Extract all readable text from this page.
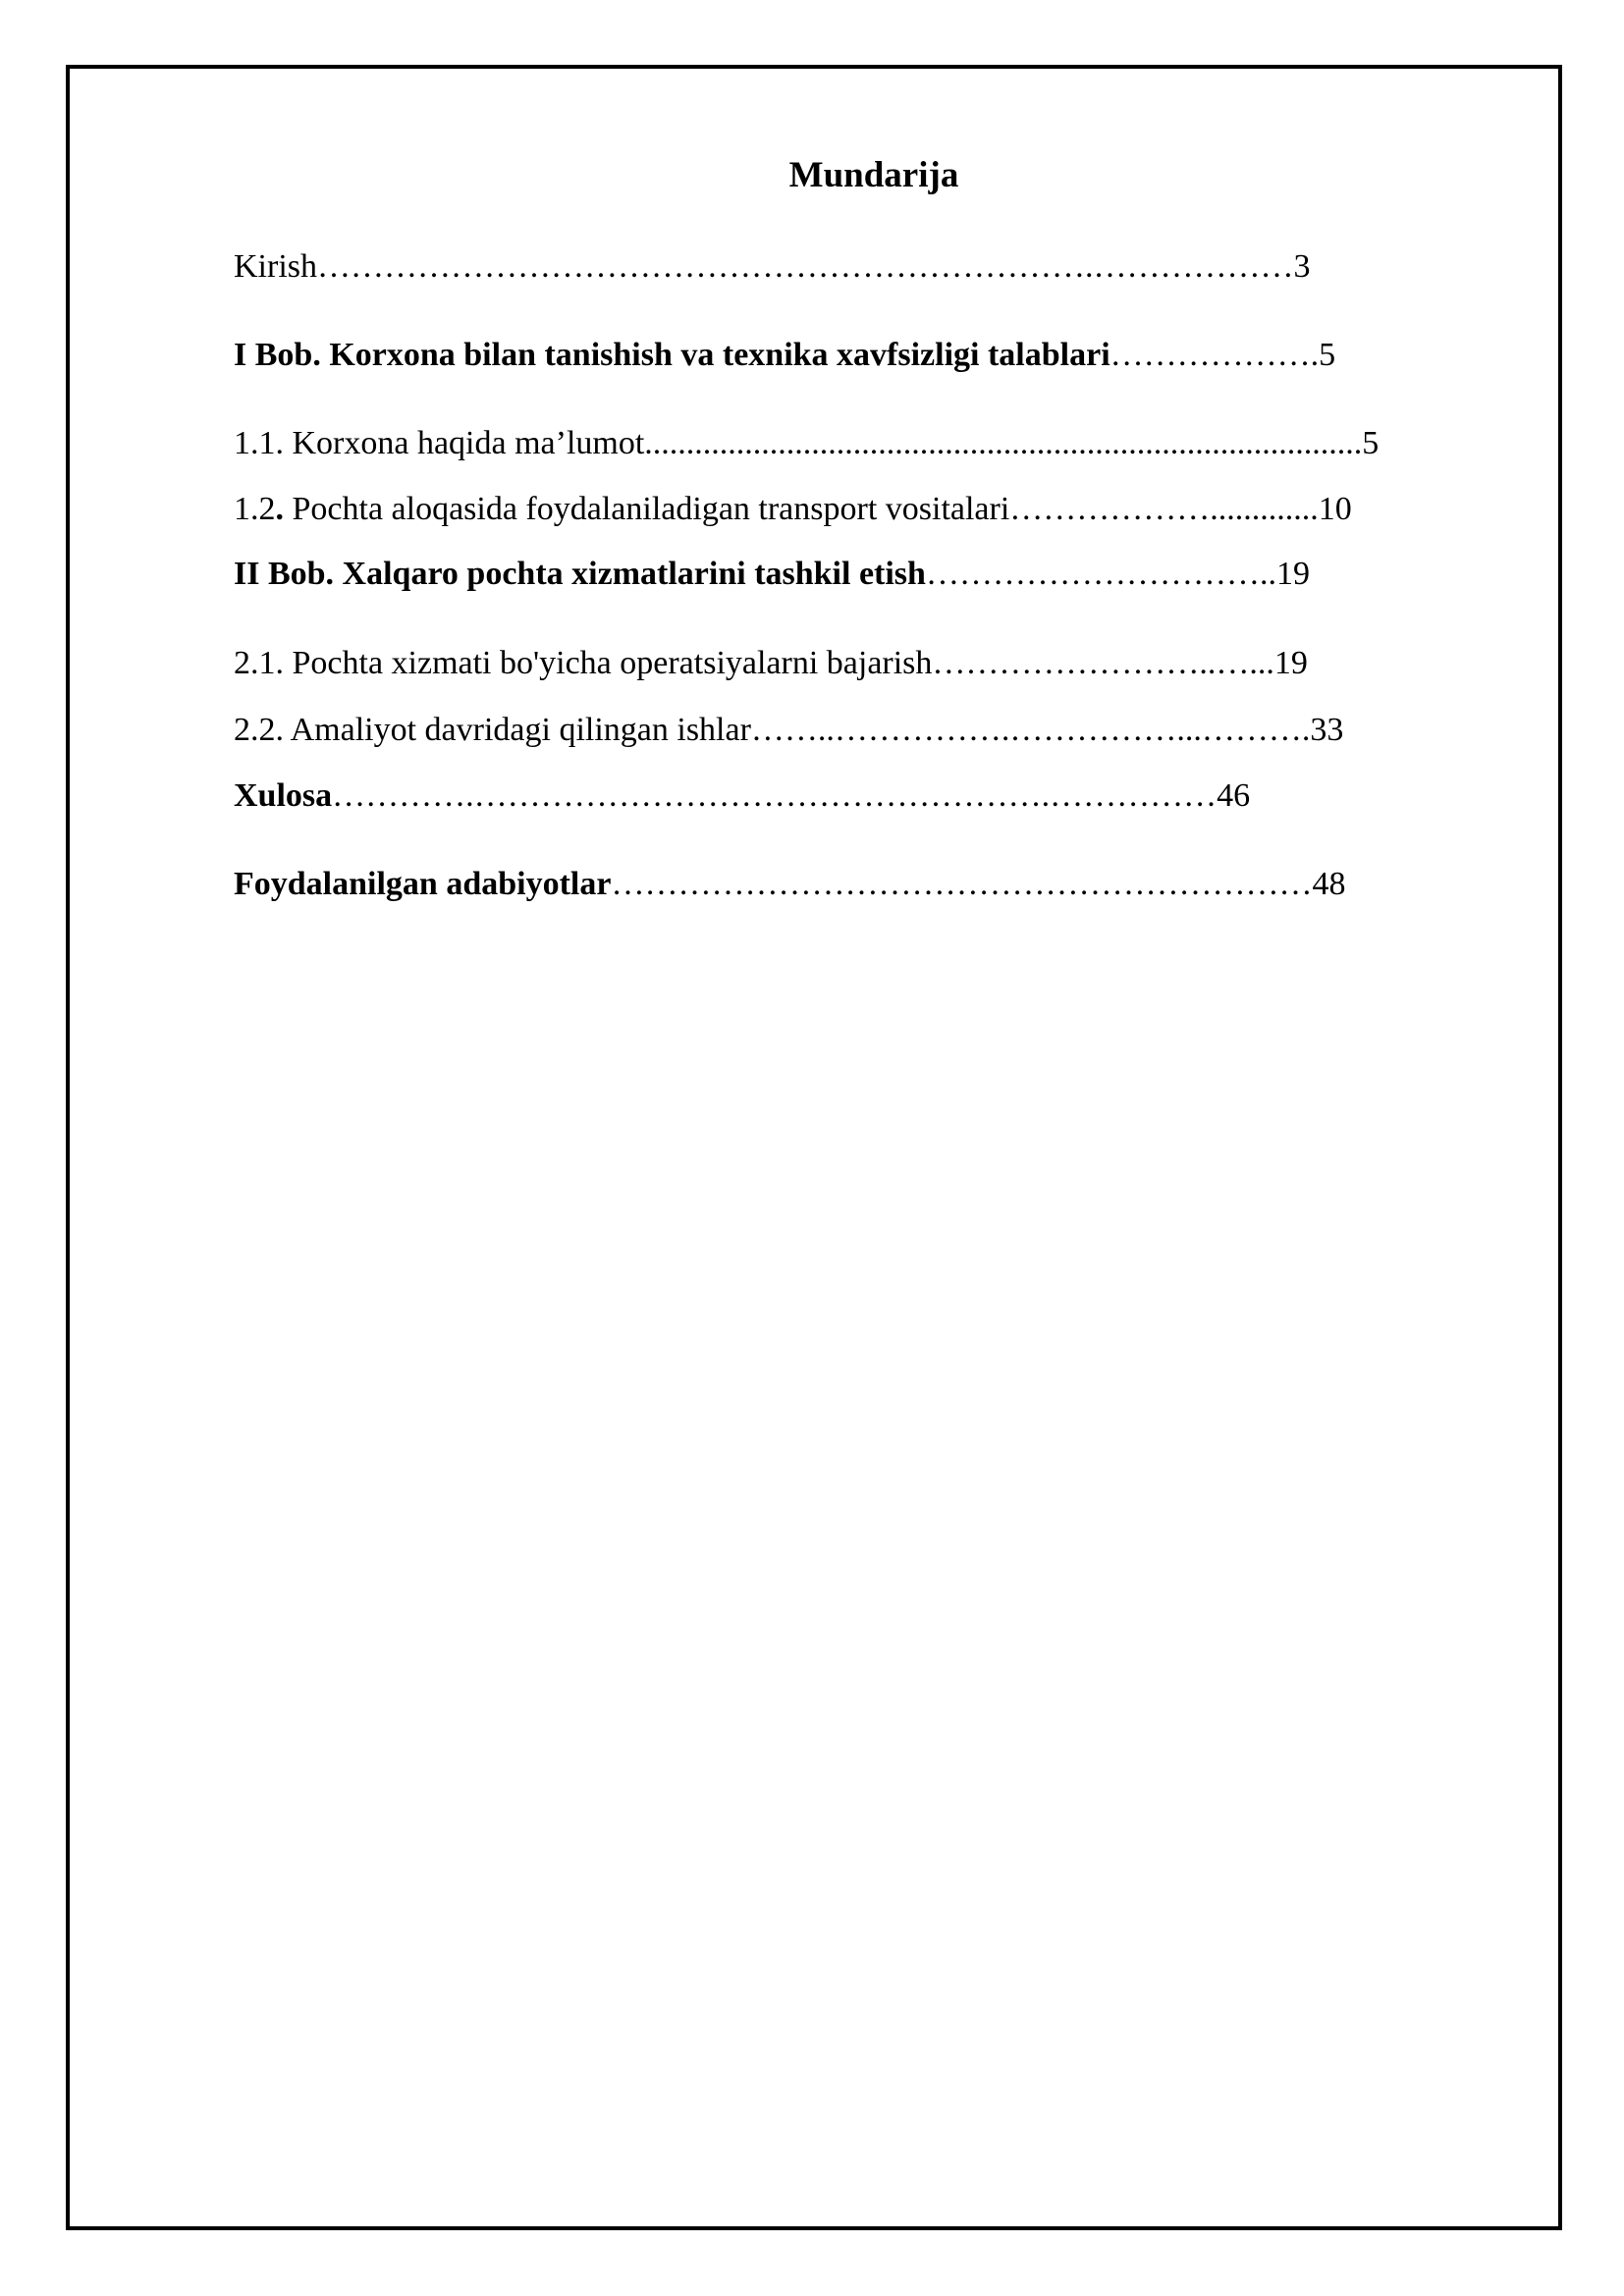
Mundarija
Kirish…………………………………………………………….………………3
I Bob. Korxona bilan tanishish va texnika xavfsizligi talablari……………….5
1.1. Korxona haqida ma’lumot......................................................................................5
1.2. Pochta aloqasida foydalaniladigan transport vositalari……………….............10
II Bob. Xalqaro pochta xizmatlarini tashkil etish…………………………..19
2.1. Pochta xizmati bo'yicha operatsiyalarni bajarish……………………..…...19
2.2. Amaliyot davridagi qilingan ishlar……..…………….……………...……….33
Xulosa………….…………………………………………….……………46
Foydalanilgan adabiyotlar………………………………………………………48
